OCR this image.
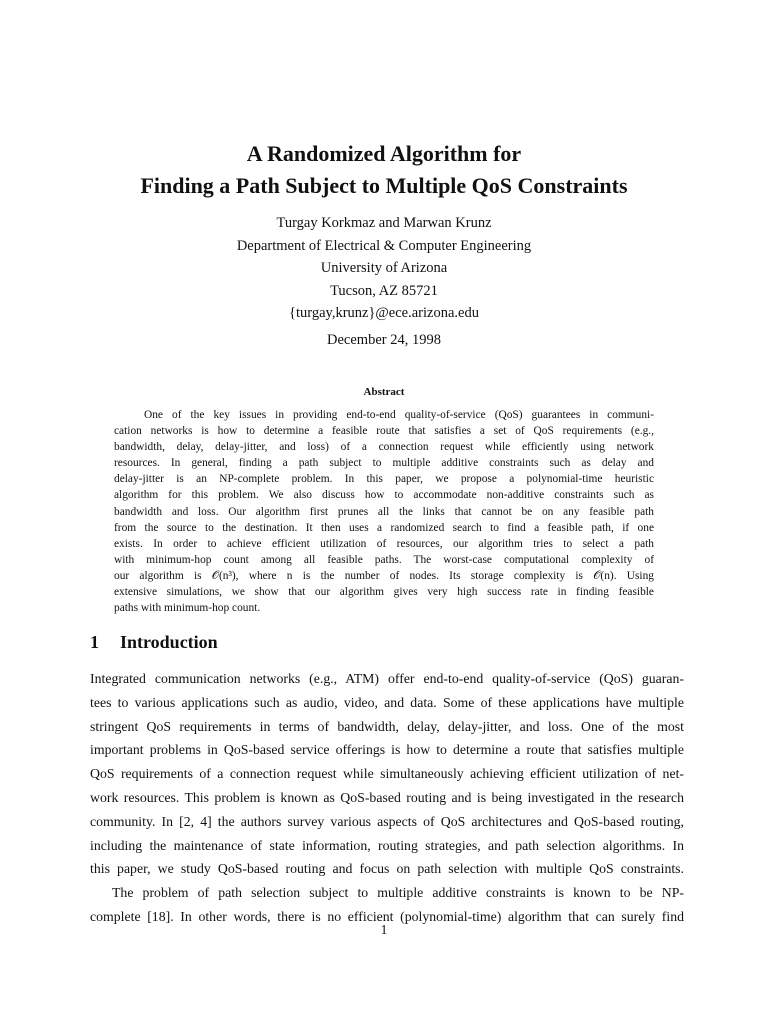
A Randomized Algorithm for
Finding a Path Subject to Multiple QoS Constraints
Turgay Korkmaz and Marwan Krunz
Department of Electrical & Computer Engineering
University of Arizona
Tucson, AZ 85721
{turgay,krunz}@ece.arizona.edu
December 24, 1998
Abstract
One of the key issues in providing end-to-end quality-of-service (QoS) guarantees in communi-
cation networks is how to determine a feasible route that satisfies a set of QoS requirements (e.g.,
bandwidth, delay, delay-jitter, and loss) of a connection request while efficiently using network
resources. In general, finding a path subject to multiple additive constraints such as delay and
delay-jitter is an NP-complete problem. In this paper, we propose a polynomial-time heuristic
algorithm for this problem. We also discuss how to accommodate non-additive constraints such as
bandwidth and loss. Our algorithm first prunes all the links that cannot be on any feasible path
from the source to the destination. It then uses a randomized search to find a feasible path, if one
exists. In order to achieve efficient utilization of resources, our algorithm tries to select a path
with minimum-hop count among all feasible paths. The worst-case computational complexity of
our algorithm is 𝒪(n³), where n is the number of nodes. Its storage complexity is 𝒪(n). Using
extensive simulations, we show that our algorithm gives very high success rate in finding feasible
paths with minimum-hop count.
1 Introduction
Integrated communication networks (e.g., ATM) offer end-to-end quality-of-service (QoS) guaran-
tees to various applications such as audio, video, and data. Some of these applications have multiple
stringent QoS requirements in terms of bandwidth, delay, delay-jitter, and loss. One of the most
important problems in QoS-based service offerings is how to determine a route that satisfies multiple
QoS requirements of a connection request while simultaneously achieving efficient utilization of net-
work resources. This problem is known as QoS-based routing and is being investigated in the research
community. In [2, 4] the authors survey various aspects of QoS architectures and QoS-based routing,
including the maintenance of state information, routing strategies, and path selection algorithms. In
this paper, we study QoS-based routing and focus on path selection with multiple QoS constraints.
The problem of path selection subject to multiple additive constraints is known to be NP-
complete [18]. In other words, there is no efficient (polynomial-time) algorithm that can surely find
1
